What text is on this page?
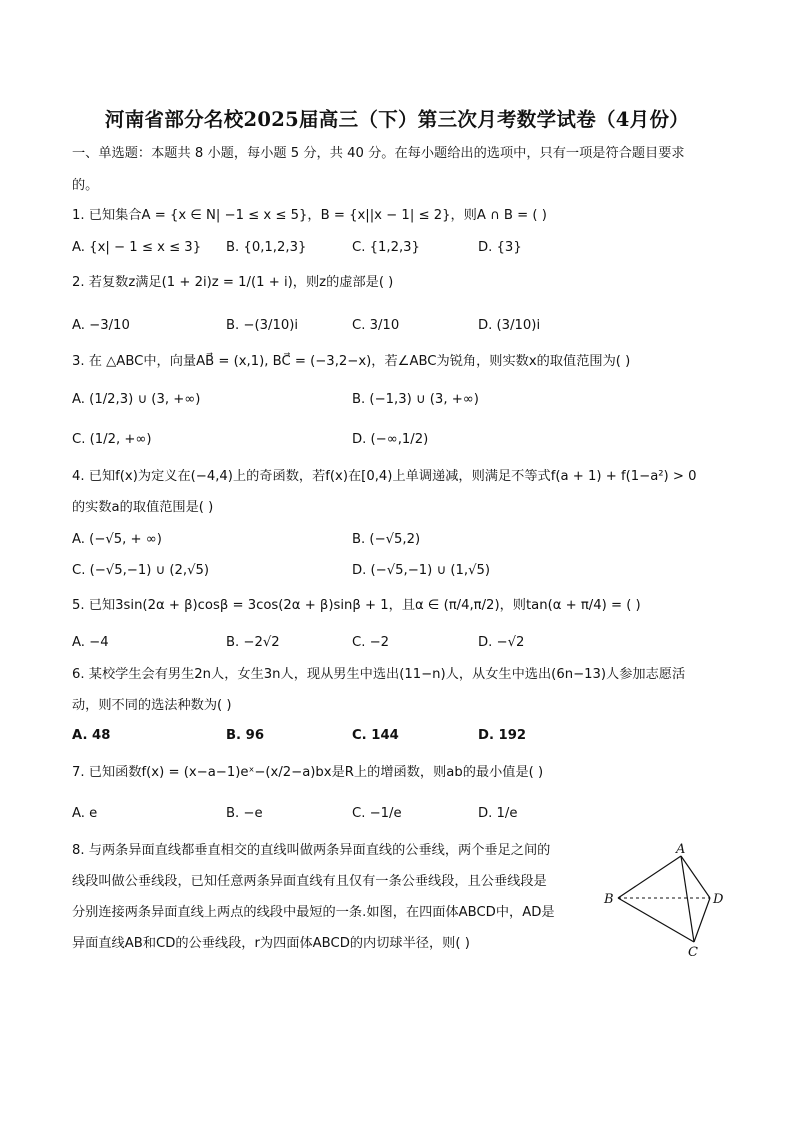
河南省部分名校2025届高三（下）第三次月考数学试卷（4月份）
一、单选题：本题共 8 小题，每小题 5 分，共 40 分。在每小题给出的选项中，只有一项是符合题目要求
的。
1. 已知集合A = {x ∈ N| −1 ≤ x ≤ 5}，B = {x||x − 1| ≤ 2}，则A ∩ B = ( )
A. {x| − 1 ≤ x ≤ 3} B. {0,1,2,3}	C. {1,2,3}	D. {3}
2. 若复数z满足(1 + 2i)z = 1/(1 + i)，则z的虚部是( )
A. −3/10	B. −(3/10)i	C. 3/10	D. (3/10)i
3. 在 △ABC中，向量AB⃗ = (x,1), BC⃗ = (−3,2−x)，若∠ABC为锐角，则实数x的取值范围为( )
A. (1/2,3) ∪ (3, +∞)	B. (−1,3) ∪ (3, +∞)
C. (1/2, +∞)	D. (−∞,1/2)
4. 已知f(x)为定义在(−4,4)上的奇函数，若f(x)在[0,4)上单调递减，则满足不等式f(a + 1) + f(1−a²) > 0
的实数a的取值范围是( )
A. (−√5, + ∞)	B. (−√5,2)
C. (−√5,−1) ∪ (2,√5)	D. (−√5,−1) ∪ (1,√5)
5. 已知3sin(2α + β)cosβ = 3cos(2α + β)sinβ + 1，且α ∈ (π/4,π/2)，则tan(α + π/4) = ( )
A. −4	B. −2√2	C. −2	D. −√2
6. 某校学生会有男生2n人，女生3n人，现从男生中选出(11−n)人，从女生中选出(6n−13)人参加志愿活
动，则不同的选法种数为( )
A. 48	B. 96	C. 144	D. 192
7. 已知函数f(x) = (x−a−1)eˣ−(x/2−a)bx是R上的增函数，则ab的最小值是( )
A. e	B. −e	C. −1/e	D. 1/e
8. 与两条异面直线都垂直相交的直线叫做两条异面直线的公垂线，两个垂足之间的
线段叫做公垂线段，已知任意两条异面直线有且仅有一条公垂线段，且公垂线段是
分别连接两条异面直线上两点的线段中最短的一条.如图，在四面体ABCD中，AD是
异面直线AB和CD的公垂线段，r为四面体ABCD的内切球半径，则( )
A
B
C
D
